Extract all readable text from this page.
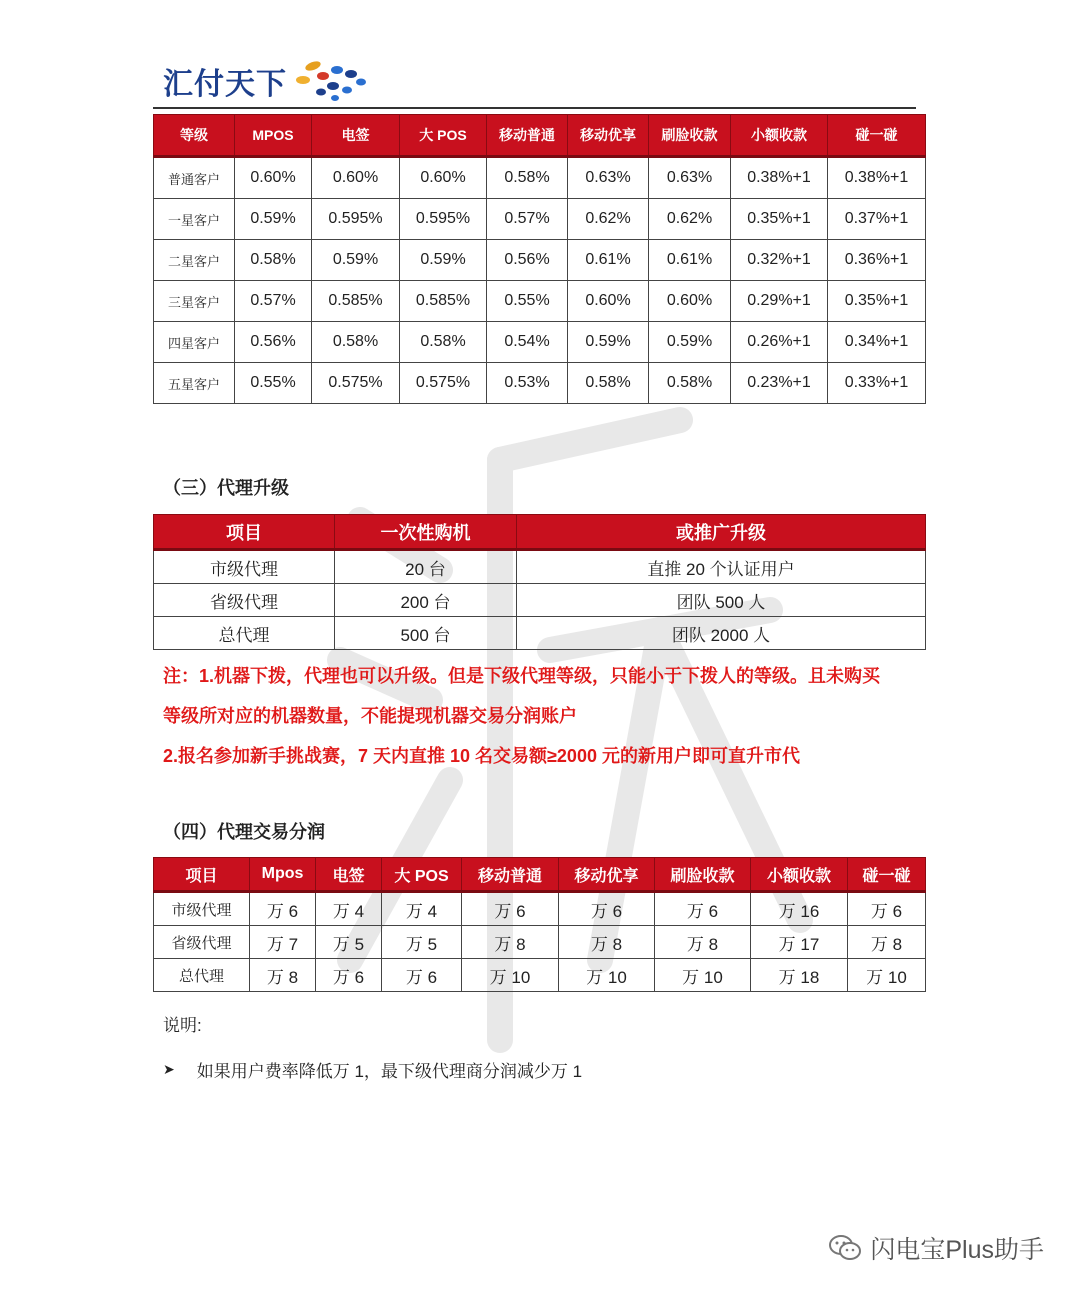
汇付天下
等级	MPOS	电签	大 POS	移动普通	移动优享	刷脸收款	小额收款	碰一碰
普通客户	0.60%	0.60%	0.60%	0.58%	0.63%	0.63%	0.38%+1	0.38%+1
一星客户	0.59%	0.595%	0.595%	0.57%	0.62%	0.62%	0.35%+1	0.37%+1
二星客户	0.58%	0.59%	0.59%	0.56%	0.61%	0.61%	0.32%+1	0.36%+1
三星客户	0.57%	0.585%	0.585%	0.55%	0.60%	0.60%	0.29%+1	0.35%+1
四星客户	0.56%	0.58%	0.58%	0.54%	0.59%	0.59%	0.26%+1	0.34%+1
五星客户	0.55%	0.575%	0.575%	0.53%	0.58%	0.58%	0.23%+1	0.33%+1
（三）代理升级
项目	一次性购机	或推广升级
市级代理	20 台	直推 20 个认证用户
省级代理	200 台	团队 500 人
总代理	500 台	团队 2000 人
注：1.机器下拨，代理也可以升级。但是下级代理等级，只能小于下拨人的等级。且未购买
等级所对应的机器数量，不能提现机器交易分润账户
2.报名参加新手挑战赛，7 天内直推 10 名交易额≥2000 元的新用户即可直升市代
（四）代理交易分润
项目	Mpos	电签	大 POS	移动普通	移动优享	刷脸收款	小额收款	碰一碰
市级代理	万 6	万 4	万 4	万 6	万 6	万 6	万 16	万 6
省级代理	万 7	万 5	万 5	万 8	万 8	万 8	万 17	万 8
总代理	万 8	万 6	万 6	万 10	万 10	万 10	万 18	万 10
说明:
➤ 如果用户费率降低万 1，最下级代理商分润减少万 1
闪电宝Plus助手
